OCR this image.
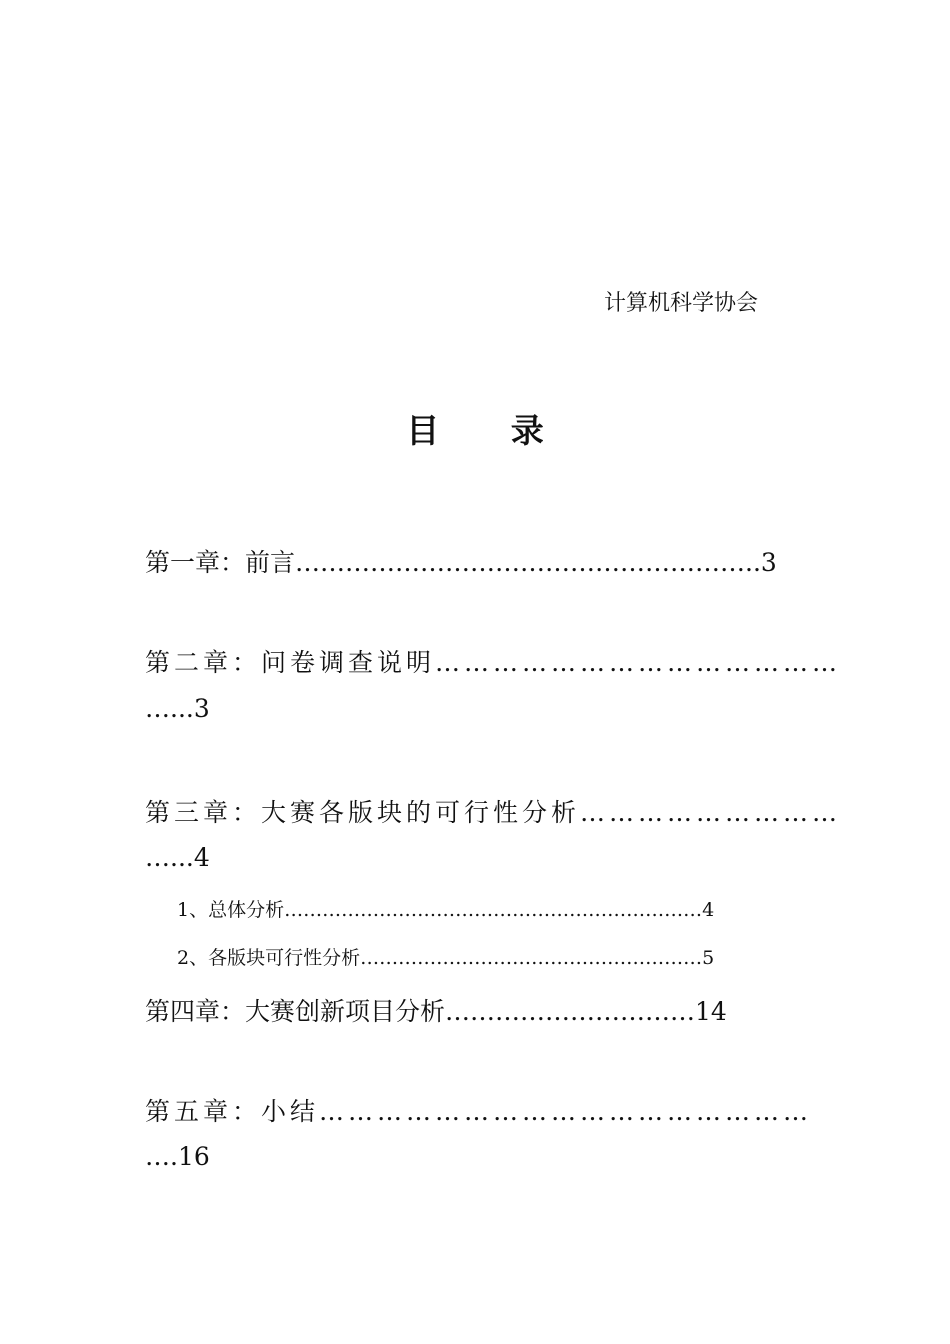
计算机科学协会
目 录
第一章：前言………………………………………………..3
第二章：问卷调查说明……………………………………
…...3
第三章：大赛各版块的可行性分析………………………
…...4
1、总体分析…………………………………………………………4
2、各版块可行性分析………………………………………………5
第四章：大赛创新项目分析…………………………14
第五章：小结……………………………………………
….16
